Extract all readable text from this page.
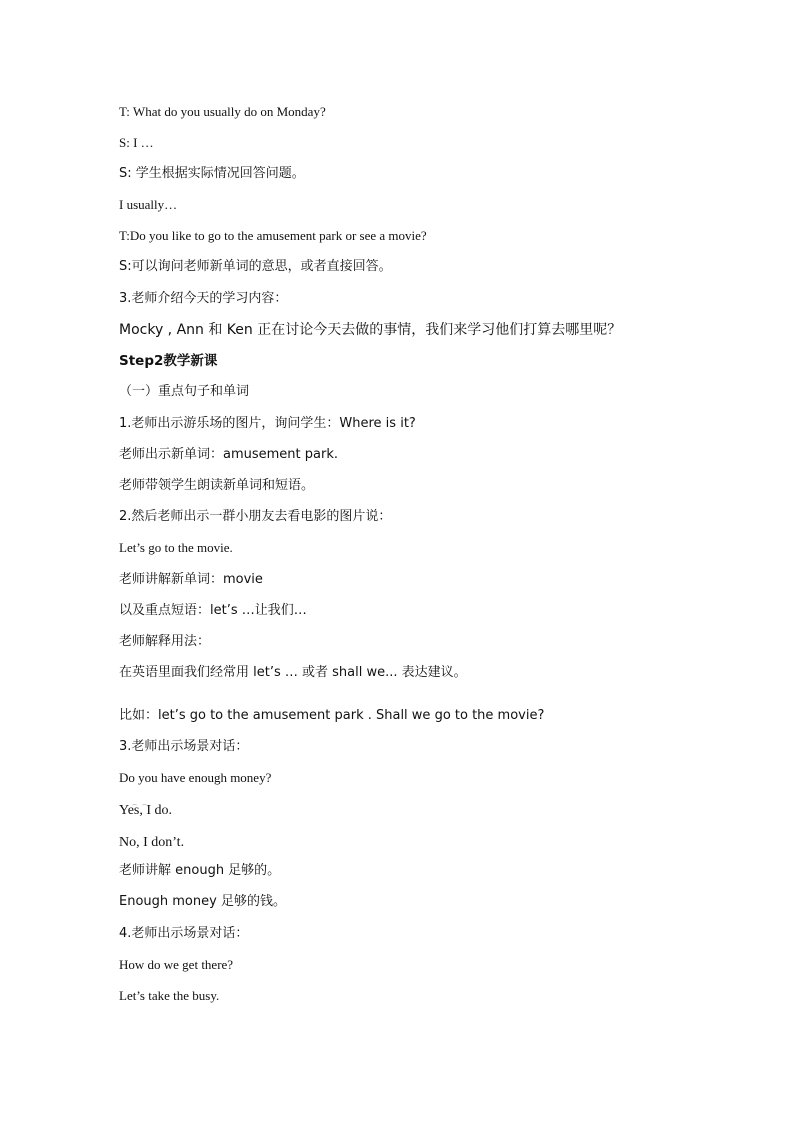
T: What do you usually do on Monday?
S: I …
S: 学生根据实际情况回答问题。
I usually…
T:Do you like to go to the amusement park or see a movie?
S:可以询问老师新单词的意思，或者直接回答。
3.老师介绍今天的学习内容：
Mocky , Ann 和 Ken 正在讨论今天去做的事情，我们来学习他们打算去哪里呢？
Step2教学新课
（一）重点句子和单词
1.老师出示游乐场的图片，询问学生：Where is it?
老师出示新单词：amusement park.
老师带领学生朗读新单词和短语。
2.然后老师出示一群小朋友去看电影的图片说：
Let’s go to the movie.
老师讲解新单词：movie
以及重点短语：let’s …让我们…
老师解释用法：
在英语里面我们经常用 let’s … 或者 shall we... 表达建议。
比如：let’s go to the amusement park . Shall we go to the movie?
3.老师出示场景对话：
Do you have enough money?
Yes, I do.
No, I don’t.
老师讲解 enough 足够的。
Enough money 足够的钱。
4.老师出示场景对话：
How do we get there?
Let’s take the busy.
